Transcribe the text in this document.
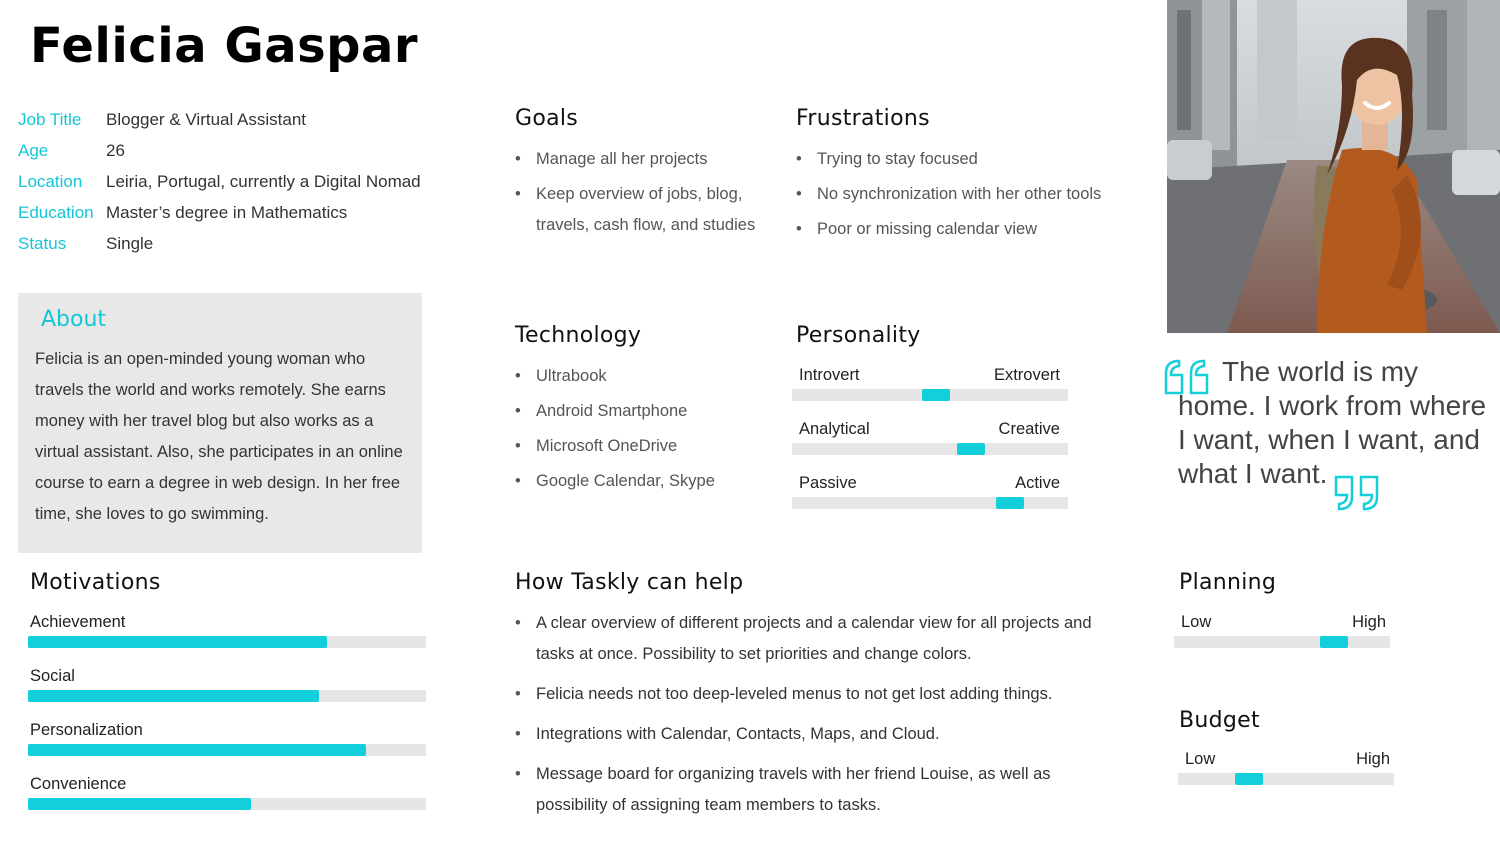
Felicia Gaspar
Job Title	Blogger & Virtual Assistant
Age	26
Location	Leiria, Portugal, currently a Digital Nomad
Education Master’s degree in Mathematics
Status	Single
About
Felicia is an open-minded young woman who travels the world and works remotely. She earns money with her travel blog but also works as a virtual assistant. Also, she participates in an online course to earn a degree in web design. In her free time, she loves to go swimming.
Goals
• Manage all her projects
• Keep overview of jobs, blog, travels, cash flow, and studies
Frustrations
• Trying to stay focused
• No synchronization with her other tools
• Poor or missing calendar view
Technology
• Ultrabook
• Android Smartphone
• Microsoft OneDrive
• Google Calendar, Skype
Personality
Introvert	Extrovert
Analytical	Creative
Passive	Active
The world is my home. I work from where I want, when I want, and what I want.
Motivations
Achievement
Social
Personalization
Convenience
How Taskly can help
• A clear overview of different projects and a calendar view for all projects and tasks at once. Possibility to set priorities and change colors.
• Felicia needs not too deep-leveled menus to not get lost adding things.
• Integrations with Calendar, Contacts, Maps, and Cloud.
• Message board for organizing travels with her friend Louise, as well as possibility of assigning team members to tasks.
Planning
Low	High
Budget
Low	High
